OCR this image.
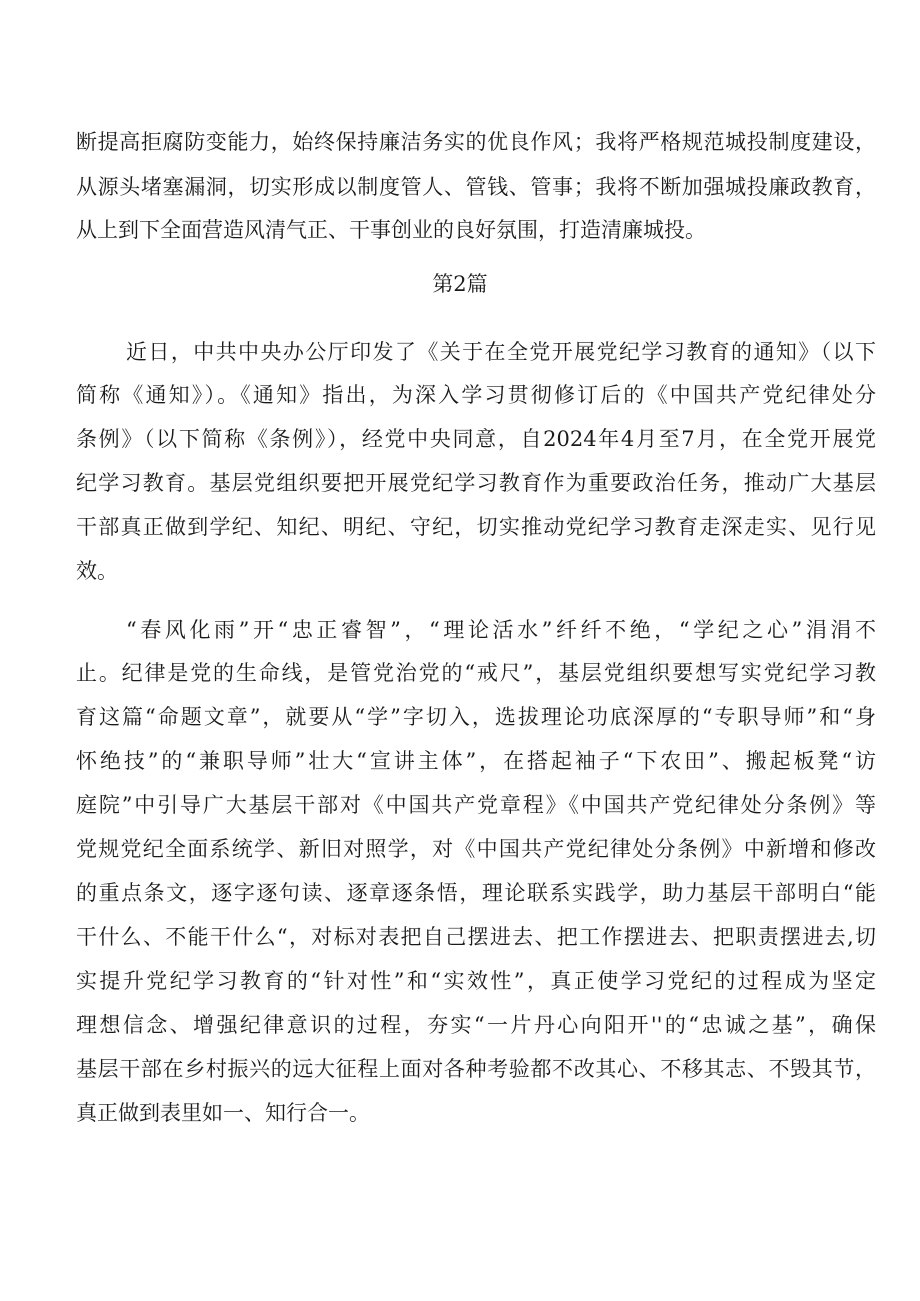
断提高拒腐防变能力，始终保持廉洁务实的优良作风；我将严格规范城投制度建设，

从源头堵塞漏洞，切实形成以制度管人、管钱、管事；我将不断加强城投廉政教育，

从上到下全面营造风清气正、干事创业的良好氛围，打造清廉城投。

第2篇

近日，中共中央办公厅印发了《关于在全党开展党纪学习教育的通知》（以下

简称《通知》）。《通知》指出，为深入学习贯彻修订后的《中国共产党纪律处分

条例》（以下简称《条例》），经党中央同意，自2024年4月至7月，在全党开展党

纪学习教育。基层党组织要把开展党纪学习教育作为重要政治任务，推动广大基层

干部真正做到学纪、知纪、明纪、守纪，切实推动党纪学习教育走深走实、见行见

效。

“春风化雨”开“忠正睿智”，“理论活水”纤纤不绝，“学纪之心”涓涓不

止。纪律是党的生命线，是管党治党的“戒尺”，基层党组织要想写实党纪学习教

育这篇“命题文章”，就要从“学”字切入，选拔理论功底深厚的“专职导师”和“身

怀绝技”的“兼职导师”壮大“宣讲主体”，在搭起袖子“下农田”、搬起板凳“访

庭院”中引导广大基层干部对《中国共产党章程》《中国共产党纪律处分条例》等

党规党纪全面系统学、新旧对照学，对《中国共产党纪律处分条例》中新增和修改

的重点条文，逐字逐句读、逐章逐条悟，理论联系实践学，助力基层干部明白“能

干什么、不能干什么“，对标对表把自己摆进去、把工作摆进去、把职责摆进去,切

实提升党纪学习教育的“针对性”和“实效性”，真正使学习党纪的过程成为坚定

理想信念、增强纪律意识的过程，夯实“一片丹心向阳开''的“忠诚之基”，确保

基层干部在乡村振兴的远大征程上面对各种考验都不改其心、不移其志、不毁其节，

真正做到表里如一、知行合一。
